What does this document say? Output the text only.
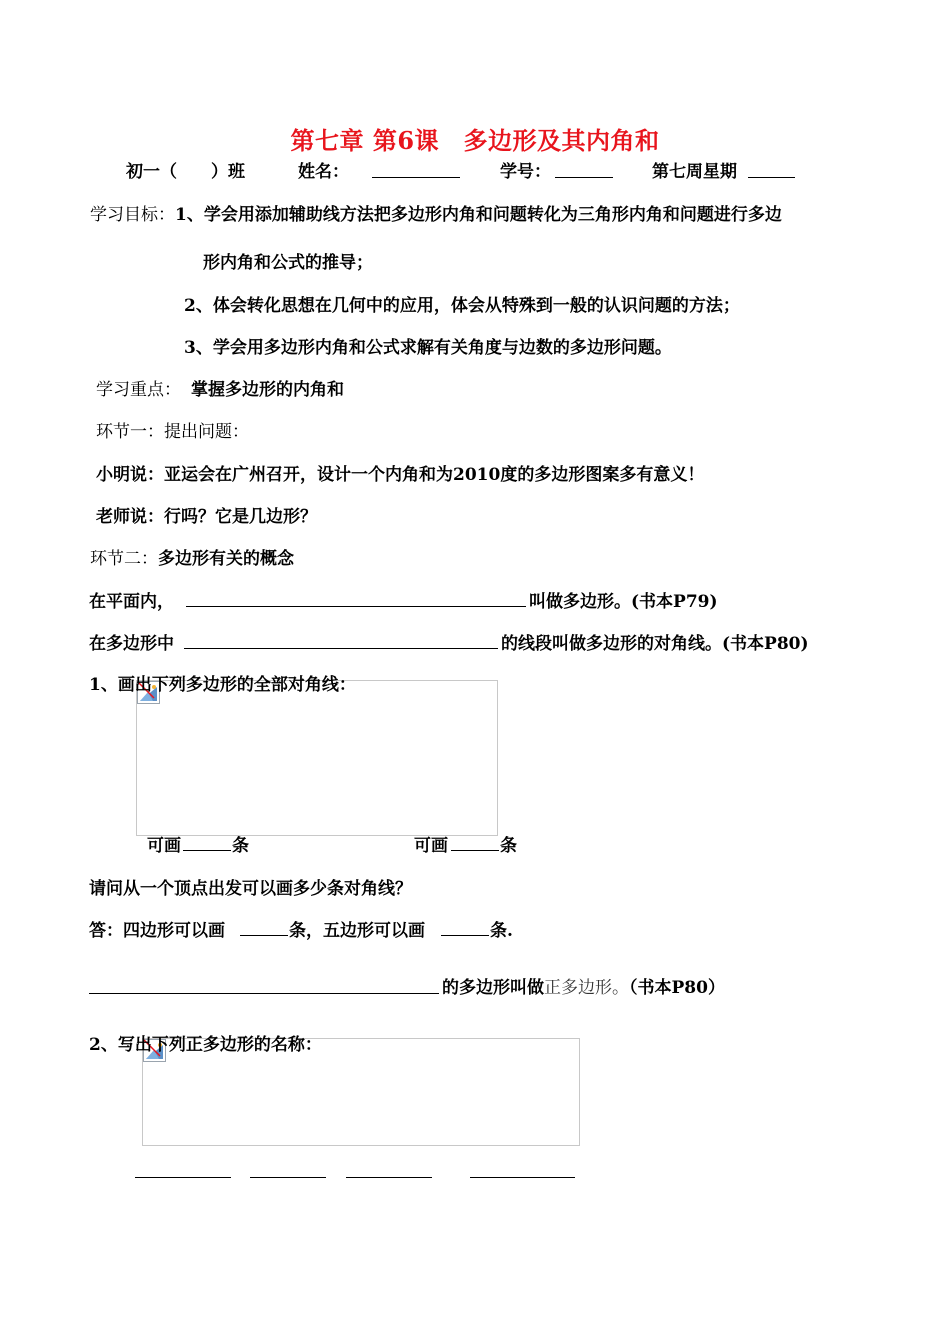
第七章 第6课　多边形及其内角和
初一（　　）班	姓名：	学号：	第七周星期
学习目标：1、学会用添加辅助线方法把多边形内角和问题转化为三角形内角和问题进行多边
形内角和公式的推导；
2、体会转化思想在几何中的应用，体会从特殊到一般的认识问题的方法；
3、学会用多边形内角和公式求解有关角度与边数的多边形问题。
学习重点： 掌握多边形的内角和
环节一：提出问题：
小明说：亚运会在广州召开，设计一个内角和为2010度的多边形图案多有意义！
老师说：行吗？它是几边形？
环节二：多边形有关的概念
在平面内，	叫做多边形。(书本P79)
在多边形中	的线段叫做多边形的对角线。(书本P80)
1、画出下列多边形的全部对角线：
可画	条	可画	条
请问从一个顶点出发可以画多少条对角线？
答：四边形可以画	条，五边形可以画	条.
的多边形叫做正多边形。（书本P80）
2、写出下列正多边形的名称：
